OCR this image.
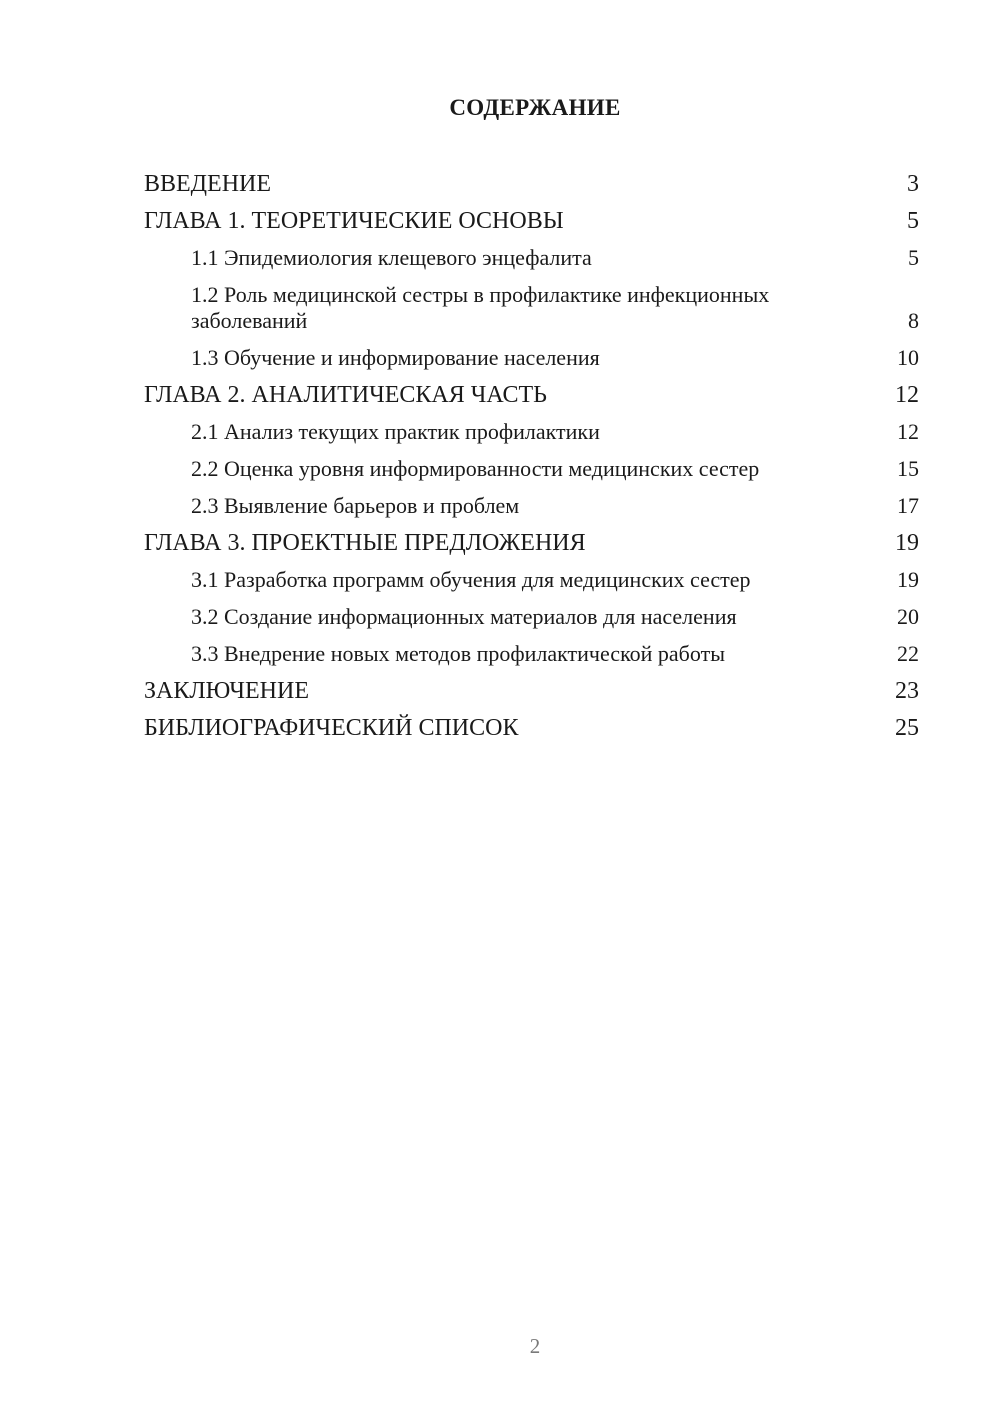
СОДЕРЖАНИЕ
ВВЕДЕНИЕ	3
ГЛАВА 1. ТЕОРЕТИЧЕСКИЕ ОСНОВЫ	5
1.1 Эпидемиология клещевого энцефалита	5
1.2 Роль медицинской сестры в профилактике инфекционных заболеваний	8
1.3 Обучение и информирование населения	10
ГЛАВА 2. АНАЛИТИЧЕСКАЯ ЧАСТЬ	12
2.1 Анализ текущих практик профилактики	12
2.2 Оценка уровня информированности медицинских сестер	15
2.3 Выявление барьеров и проблем	17
ГЛАВА 3. ПРОЕКТНЫЕ ПРЕДЛОЖЕНИЯ	19
3.1 Разработка программ обучения для медицинских сестер	19
3.2 Создание информационных материалов для населения	20
3.3 Внедрение новых методов профилактической работы	22
ЗАКЛЮЧЕНИЕ	23
БИБЛИОГРАФИЧЕСКИЙ СПИСОК	25
2
